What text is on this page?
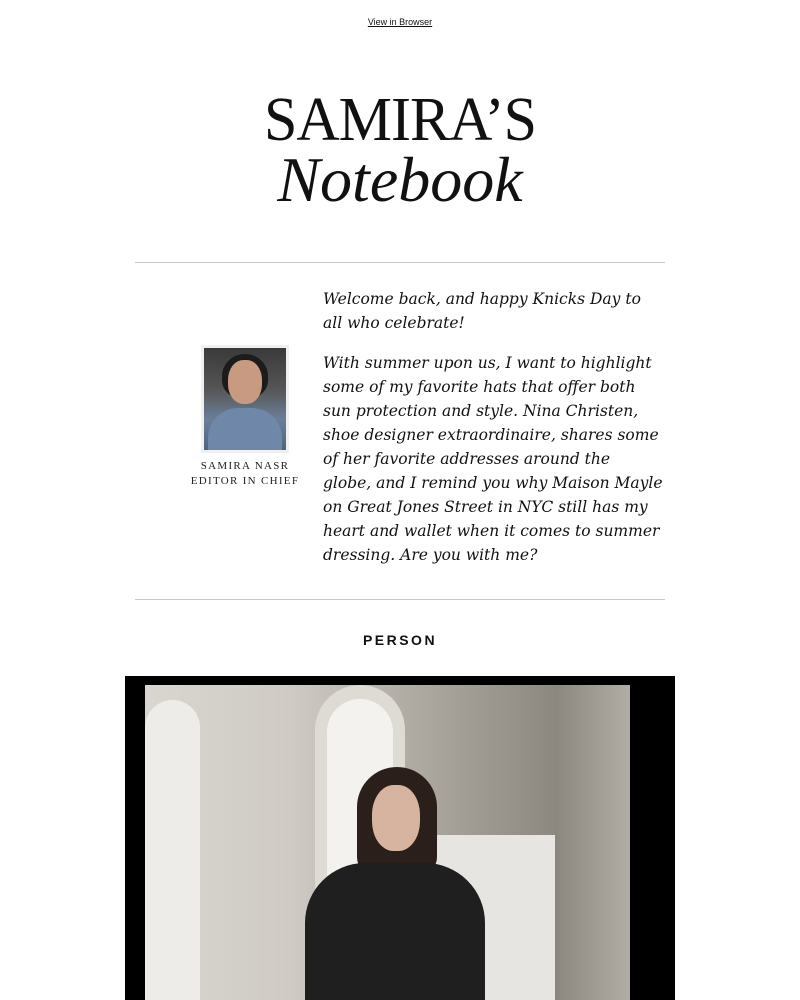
View in Browser
SAMIRA’S
Notebook
SAMIRA NASR
EDITOR IN CHIEF

Welcome back, and happy Knicks Day to all who celebrate!

With summer upon us, I want to highlight some of my favorite hats that offer both sun protection and style. Nina Christen, shoe designer extraordinaire, shares some of her favorite addresses around the globe, and I remind you why Maison Mayle on Great Jones Street in NYC still has my heart and wallet when it comes to summer dressing. Are you with me?

PERSON
